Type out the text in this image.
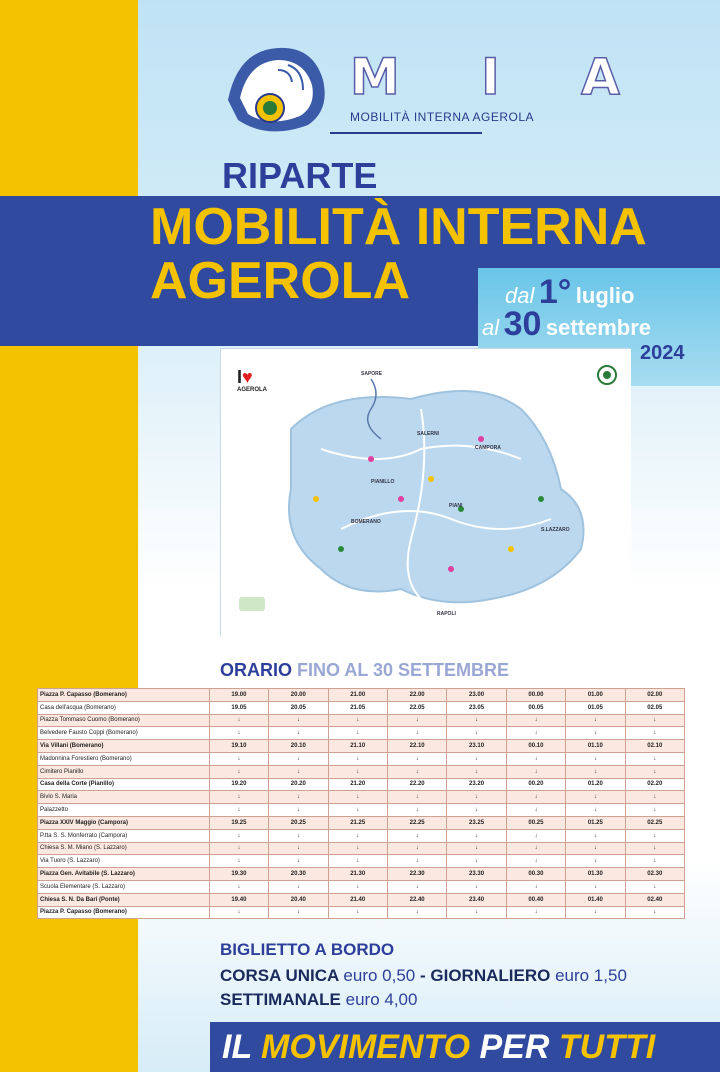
M I A
MOBILITÀ INTERNA AGEROLA
RIPARTE
MOBILITÀ INTERNA
AGEROLA	dal 1° luglio
al 30 settembre
2024
I♥
AGEROLA
SAPORE
SALERNI
CAMPORA
PIANILLO
PIANI
BOMERANO
S.LAZZARO
RAPOLI
ORARIO FINO AL 30 SETTEMBRE
Piazza P. Capasso (Bomerano)	19.00	20.00	21.00	22.00	23.00	00.00	01.00	02.00
Casa dell'acqua (Bomerano)	19.05	20.05	21.05	22.05	23.05	00.05	01.05	02.05
Piazza Tommaso Cuomo (Bomerano)	↓	↓	↓	↓	↓	↓	↓	↓
Belvedere Fausto Coppi (Bomerano)	↓	↓	↓	↓	↓	↓	↓	↓
Via Villani (Bomerano)	19.10	20.10	21.10	22.10	23.10	00.10	01.10	02.10
Madonnina Forestiero (Bomerano)	↓	↓	↓	↓	↓	↓	↓	↓
Cimitero Pianillo	↓	↓	↓	↓	↓	↓	↓	↓
Casa della Corte (Pianillo)	19.20	20.20	21.20	22.20	23.20	00.20	01.20	02.20
Bivio S. Maria	↓	↓	↓	↓	↓	↓	↓	↓
Palazzetto	↓	↓	↓	↓	↓	↓	↓	↓
Piazza XXIV Maggio (Campora)	19.25	20.25	21.25	22.25	23.25	00.25	01.25	02.25
P.tta S. S. Monferrato (Campora)	↓	↓	↓	↓	↓	↓	↓	↓
Chiesa S. M. Miano (S. Lazzaro)	↓	↓	↓	↓	↓	↓	↓	↓
Via Tuoro (S. Lazzaro)	↓	↓	↓	↓	↓	↓	↓	↓
Piazza Gen. Avitabile (S. Lazzaro)	19.30	20.30	21.30	22.30	23.30	00.30	01.30	02.30
Scuola Elementare (S. Lazzaro)	↓	↓	↓	↓	↓	↓	↓	↓
Chiesa S. N. Da Bari (Ponte)	19.40	20.40	21.40	22.40	23.40	00.40	01.40	02.40
Piazza P. Capasso (Bomerano)	↓	↓	↓	↓	↓	↓	↓	↓
BIGLIETTO A BORDO
CORSA UNICA euro 0,50 - GIORNALIERO euro 1,50
SETTIMANALE euro 4,00
IL MOVIMENTO PER TUTTI
